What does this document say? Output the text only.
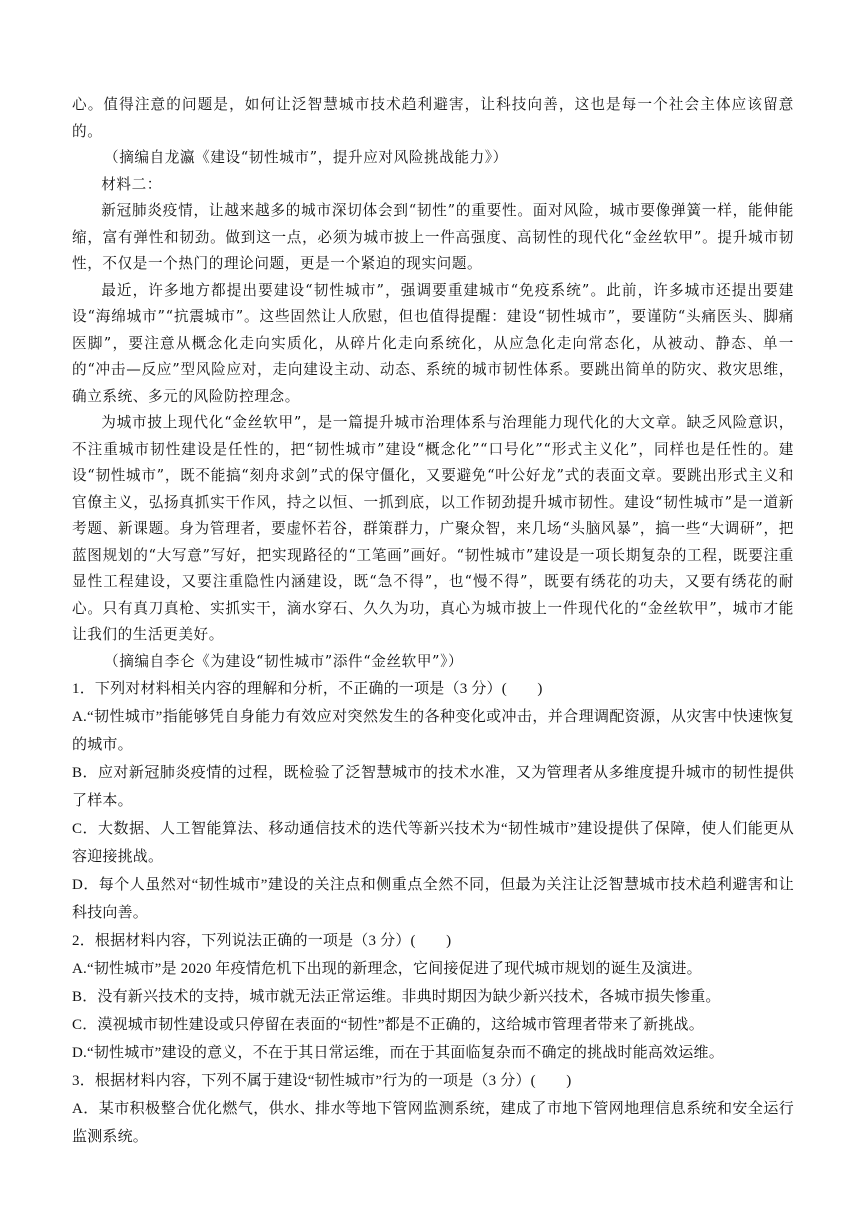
心。值得注意的问题是，如何让泛智慧城市技术趋利避害，让科技向善，这也是每一个社会主体应该留意的。

（摘编自龙瀛《建设“韧性城市”，提升应对风险挑战能力》）

材料二：

新冠肺炎疫情，让越来越多的城市深切体会到“韧性”的重要性。面对风险，城市要像弹簧一样，能伸能缩，富有弹性和韧劲。做到这一点，必须为城市披上一件高强度、高韧性的现代化“金丝软甲”。提升城市韧性，不仅是一个热门的理论问题，更是一个紧迫的现实问题。

最近，许多地方都提出要建设“韧性城市”，强调要重建城市“免疫系统”。此前，许多城市还提出要建设“海绵城市”“抗震城市”。这些固然让人欣慰，但也值得提醒：建设“韧性城市”，要谨防“头痛医头、脚痛医脚”，要注意从概念化走向实质化，从碎片化走向系统化，从应急化走向常态化，从被动、静态、单一的“冲击—反应”型风险应对，走向建设主动、动态、系统的城市韧性体系。要跳出简单的防灾、救灾思维，确立系统、多元的风险防控理念。

为城市披上现代化“金丝软甲”，是一篇提升城市治理体系与治理能力现代化的大文章。缺乏风险意识，不注重城市韧性建设是任性的，把“韧性城市”建设“概念化”“口号化”“形式主义化”，同样也是任性的。建设“韧性城市”，既不能搞“刻舟求剑”式的保守僵化，又要避免“叶公好龙”式的表面文章。要跳出形式主义和官僚主义，弘扬真抓实干作风，持之以恒、一抓到底，以工作韧劲提升城市韧性。建设“韧性城市”是一道新考题、新课题。身为管理者，要虚怀若谷，群策群力，广聚众智，来几场“头脑风暴”，搞一些“大调研”，把蓝图规划的“大写意”写好，把实现路径的“工笔画”画好。“韧性城市”建设是一项长期复杂的工程，既要注重显性工程建设，又要注重隐性内涵建设，既“急不得”，也“慢不得”，既要有绣花的功夫，又要有绣花的耐心。只有真刀真枪、实抓实干，滴水穿石、久久为功，真心为城市披上一件现代化的“金丝软甲”，城市才能让我们的生活更美好。

（摘编自李仑《为建设“韧性城市”添件“金丝软甲”》）

1．下列对材料相关内容的理解和分析，不正确的一项是（3 分）(　　)

A.“韧性城市”指能够凭自身能力有效应对突然发生的各种变化或冲击，并合理调配资源，从灾害中快速恢复的城市。

B．应对新冠肺炎疫情的过程，既检验了泛智慧城市的技术水准，又为管理者从多维度提升城市的韧性提供了样本。

C．大数据、人工智能算法、移动通信技术的迭代等新兴技术为“韧性城市”建设提供了保障，使人们能更从容迎接挑战。

D．每个人虽然对“韧性城市”建设的关注点和侧重点全然不同，但最为关注让泛智慧城市技术趋利避害和让科技向善。

2．根据材料内容，下列说法正确的一项是（3 分）(　　)

A.“韧性城市”是 2020 年疫情危机下出现的新理念，它间接促进了现代城市规划的诞生及演进。

B．没有新兴技术的支持，城市就无法正常运维。非典时期因为缺少新兴技术，各城市损失惨重。

C．漠视城市韧性建设或只停留在表面的“韧性”都是不正确的，这给城市管理者带来了新挑战。

D.“韧性城市”建设的意义，不在于其日常运维，而在于其面临复杂而不确定的挑战时能高效运维。

3．根据材料内容，下列不属于建设“韧性城市”行为的一项是（3 分）(　　)

A．某市积极整合优化燃气，供水、排水等地下管网监测系统，建成了市地下管网地理信息系统和安全运行监测系统。
